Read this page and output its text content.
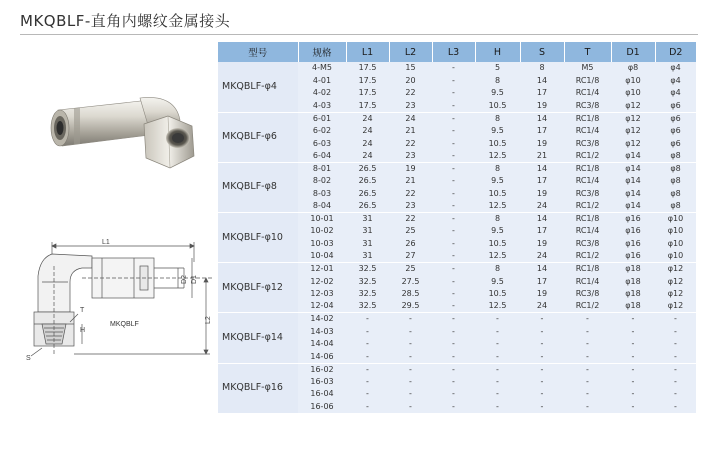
MKQBLF-直角内螺纹金属接头
L1
D2 D1
L2
T
H
MKQBLF
S
型号	规格	L1	L2	L3	H	S	T	D1	D2
MKQBLF-φ4	4-M5	17.5	15	-	5	8	M5	φ8	φ4
	4-01	17.5	20	-	8	14	RC1/8	φ10	φ4
	4-02	17.5	22	-	9.5	17	RC1/4	φ10	φ4
	4-03	17.5	23	-	10.5	19	RC3/8	φ12	φ6
MKQBLF-φ6	6-01	24	24	-	8	14	RC1/8	φ12	φ6
	6-02	24	21	-	9.5	17	RC1/4	φ12	φ6
	6-03	24	22	-	10.5	19	RC3/8	φ12	φ6
	6-04	24	23	-	12.5	21	RC1/2	φ14	φ8
MKQBLF-φ8	8-01	26.5	19	-	8	14	RC1/8	φ14	φ8
	8-02	26.5	21	-	9.5	17	RC1/4	φ14	φ8
	8-03	26.5	22	-	10.5	19	RC3/8	φ14	φ8
	8-04	26.5	23	-	12.5	24	RC1/2	φ14	φ8
MKQBLF-φ10	10-01	31	22	-	8	14	RC1/8	φ16	φ10
	10-02	31	25	-	9.5	17	RC1/4	φ16	φ10
	10-03	31	26	-	10.5	19	RC3/8	φ16	φ10
	10-04	31	27	-	12.5	24	RC1/2	φ16	φ10
MKQBLF-φ12	12-01	32.5	25	-	8	14	RC1/8	φ18	φ12
	12-02	32.5	27.5	-	9.5	17	RC1/4	φ18	φ12
	12-03	32.5	28.5	-	10.5	19	RC3/8	φ18	φ12
	12-04	32.5	29.5	-	12.5	24	RC1/2	φ18	φ12
MKQBLF-φ14	14-02	-	-	-	-	-	-	-	-
	14-03	-	-	-	-	-	-	-	-
	14-04	-	-	-	-	-	-	-	-
	14-06	-	-	-	-	-	-	-	-
MKQBLF-φ16	16-02	-	-	-	-	-	-	-	-
	16-03	-	-	-	-	-	-	-	-
	16-04	-	-	-	-	-	-	-	-
	16-06	-	-	-	-	-	-	-	-
